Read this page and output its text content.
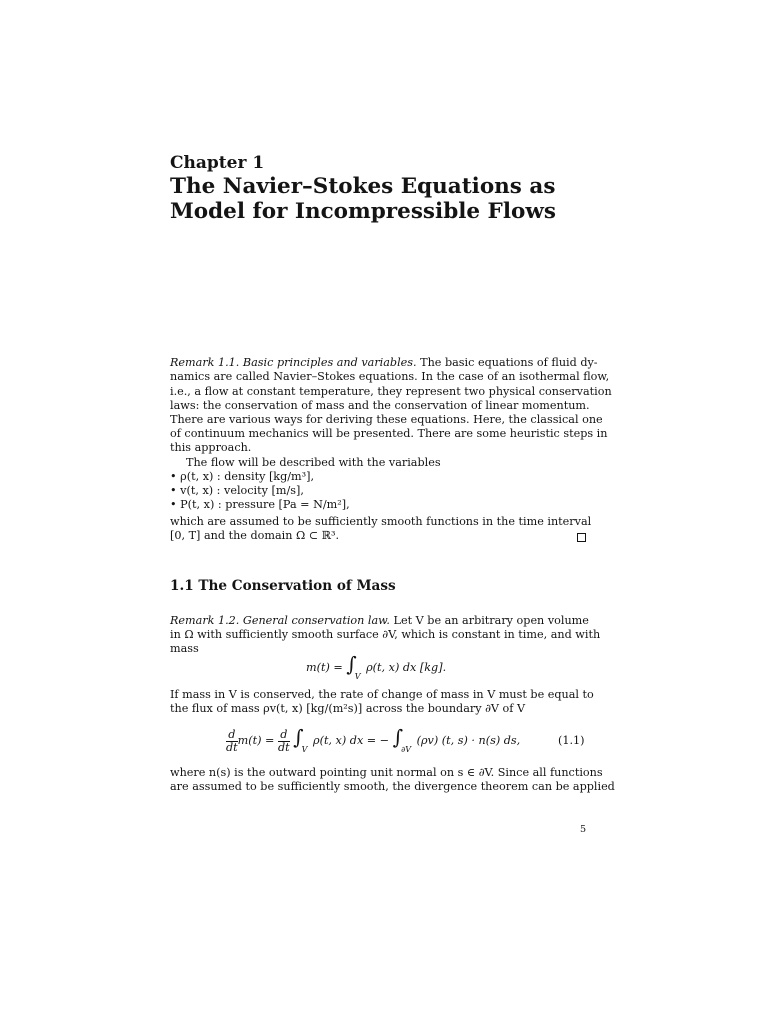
Chapter 1
The Navier–Stokes Equations as
Model for Incompressible Flows
Remark 1.1. Basic principles and variables. The basic equations of fluid dy-
namics are called Navier–Stokes equations. In the case of an isothermal flow,
i.e., a flow at constant temperature, they represent two physical conservation
laws: the conservation of mass and the conservation of linear momentum.
There are various ways for deriving these equations. Here, the classical one
of continuum mechanics will be presented. There are some heuristic steps in
this approach.
The flow will be described with the variables
• ρ(t, x) : density [kg/m³],
• v(t, x) : velocity [m/s],
• P(t, x) : pressure [Pa = N/m²],
which are assumed to be sufficiently smooth functions in the time interval
[0, T] and the domain Ω ⊂ ℝ³.
1.1 The Conservation of Mass
Remark 1.2. General conservation law. Let V be an arbitrary open volume
in Ω with sufficiently smooth surface ∂V, which is constant in time, and with
mass
$m(t) = \int_V$ ρ(t, x) dx [kg].
If mass in V is conserved, the rate of change of mass in V must be equal to
the flux of mass ρv(t, x) [kg/(m²s)] across the boundary ∂V of V
$\frac{d}{dt} m(t) = \frac{d}{dt} \int_V$ ρ(t, x) dx = − $\int_{\partial V}$ (ρv) (t, s) · n(s) ds,	(1.1)
where n(s) is the outward pointing unit normal on s ∈ ∂V. Since all functions
are assumed to be sufficiently smooth, the divergence theorem can be applied
5
